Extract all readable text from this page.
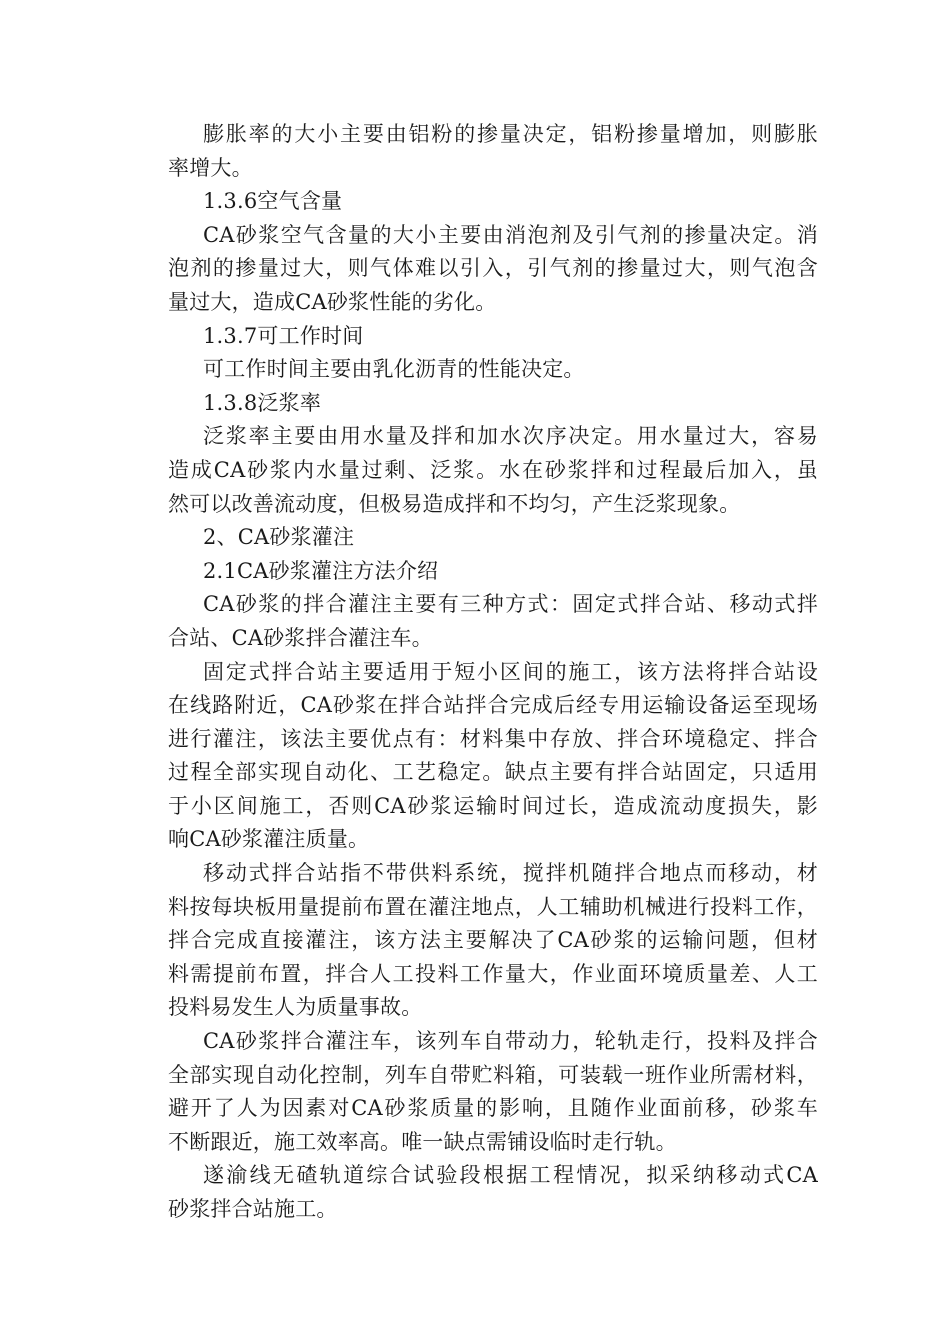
膨胀率的大小主要由铝粉的掺量决定，铝粉掺量增加，则膨胀
率增大。
1.3.6空气含量
CA砂浆空气含量的大小主要由消泡剂及引气剂的掺量决定。消
泡剂的掺量过大，则气体难以引入，引气剂的掺量过大，则气泡含
量过大，造成CA砂浆性能的劣化。
1.3.7可工作时间
可工作时间主要由乳化沥青的性能决定。
1.3.8泛浆率
泛浆率主要由用水量及拌和加水次序决定。用水量过大，容易
造成CA砂浆内水量过剩、泛浆。水在砂浆拌和过程最后加入，虽
然可以改善流动度，但极易造成拌和不均匀，产生泛浆现象。
2、CA砂浆灌注
2.1CA砂浆灌注方法介绍
CA砂浆的拌合灌注主要有三种方式：固定式拌合站、移动式拌
合站、CA砂浆拌合灌注车。
固定式拌合站主要适用于短小区间的施工，该方法将拌合站设
在线路附近，CA砂浆在拌合站拌合完成后经专用运输设备运至现场
进行灌注，该法主要优点有：材料集中存放、拌合环境稳定、拌合
过程全部实现自动化、工艺稳定。缺点主要有拌合站固定，只适用
于小区间施工，否则CA砂浆运输时间过长，造成流动度损失，影
响CA砂浆灌注质量。
移动式拌合站指不带供料系统，搅拌机随拌合地点而移动，材
料按每块板用量提前布置在灌注地点，人工辅助机械进行投料工作，
拌合完成直接灌注，该方法主要解决了CA砂浆的运输问题，但材
料需提前布置，拌合人工投料工作量大，作业面环境质量差、人工
投料易发生人为质量事故。
CA砂浆拌合灌注车，该列车自带动力，轮轨走行，投料及拌合
全部实现自动化控制，列车自带贮料箱，可装载一班作业所需材料，
避开了人为因素对CA砂浆质量的影响，且随作业面前移，砂浆车
不断跟近，施工效率高。唯一缺点需铺设临时走行轨。
遂渝线无碴轨道综合试验段根据工程情况，拟采纳移动式CA
砂浆拌合站施工。
